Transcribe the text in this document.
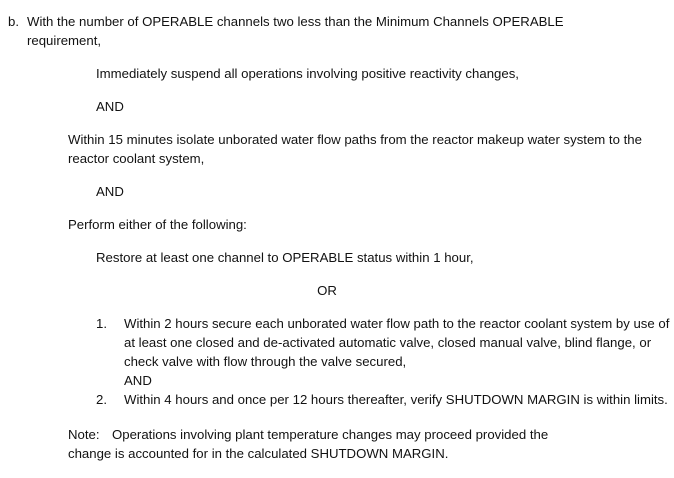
b. With the number of OPERABLE channels two less than the Minimum Channels OPERABLE requirement,
Immediately suspend all operations involving positive reactivity changes,
AND
Within 15 minutes isolate unborated water flow paths from the reactor makeup water system to the reactor coolant system,
AND
Perform either of the following:
Restore at least one channel to OPERABLE status within 1 hour,
OR
1. Within 2 hours secure each unborated water flow path to the reactor coolant system by use of at least one closed and de-activated automatic valve, closed manual valve, blind flange, or check valve with flow through the valve secured,
AND
2. Within 4 hours and once per 12 hours thereafter, verify SHUTDOWN MARGIN is within limits.
Note: Operations involving plant temperature changes may proceed provided the
change is accounted for in the calculated SHUTDOWN MARGIN.
